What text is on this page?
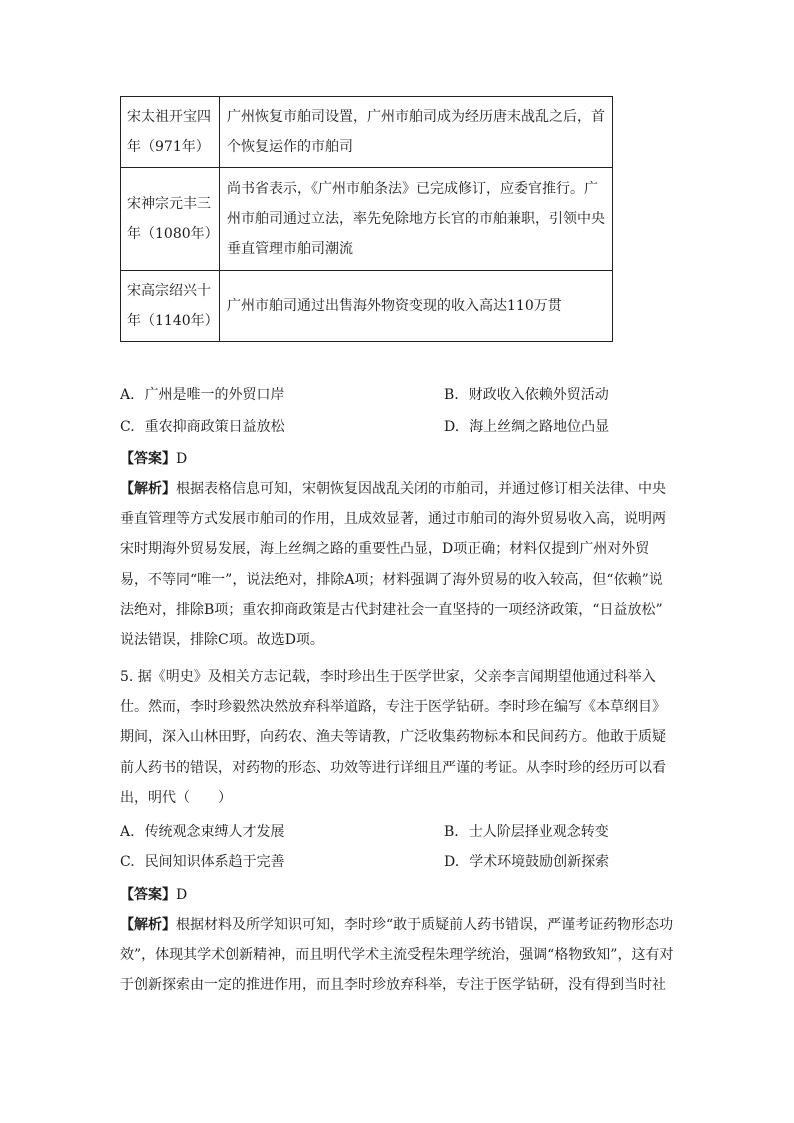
宋太祖开宝四年（971年）	广州恢复市舶司设置，广州市舶司成为经历唐末战乱之后，首个恢复运作的市舶司
宋神宗元丰三年（1080年）	尚书省表示，《广州市舶条法》已完成修订，应委官推行。广州市舶司通过立法，率先免除地方长官的市舶兼职，引领中央垂直管理市舶司潮流
宋高宗绍兴十年（1140年）	广州市舶司通过出售海外物资变现的收入高达110万贯
A. 广州是唯一的外贸口岸	B. 财政收入依赖外贸活动
C. 重农抑商政策日益放松	D. 海上丝绸之路地位凸显
【答案】D
【解析】根据表格信息可知，宋朝恢复因战乱关闭的市舶司，并通过修订相关法律、中央
垂直管理等方式发展市舶司的作用，且成效显著，通过市舶司的海外贸易收入高，说明两
宋时期海外贸易发展，海上丝绸之路的重要性凸显，D项正确；材料仅提到广州对外贸
易，不等同“唯一”，说法绝对，排除A项；材料强调了海外贸易的收入较高，但“依赖”说
法绝对，排除B项；重农抑商政策是古代封建社会一直坚持的一项经济政策，“日益放松”
说法错误，排除C项。故选D项。
5. 据《明史》及相关方志记载，李时珍出生于医学世家，父亲李言闻期望他通过科举入
仕。然而，李时珍毅然决然放弃科举道路，专注于医学钻研。李时珍在编写《本草纲目》
期间，深入山林田野，向药农、渔夫等请教，广泛收集药物标本和民间药方。他敢于质疑
前人药书的错误，对药物的形态、功效等进行详细且严谨的考证。从李时珍的经历可以看
出，明代（　　）
A. 传统观念束缚人才发展	B. 士人阶层择业观念转变
C. 民间知识体系趋于完善	D. 学术环境鼓励创新探索
【答案】D
【解析】根据材料及所学知识可知，李时珍“敢于质疑前人药书错误，严谨考证药物形态功
效”，体现其学术创新精神，而且明代学术主流受程朱理学统治，强调“格物致知”，这有对
于创新探索由一定的推进作用，而且李时珍放弃科举，专注于医学钻研，没有得到当时社
